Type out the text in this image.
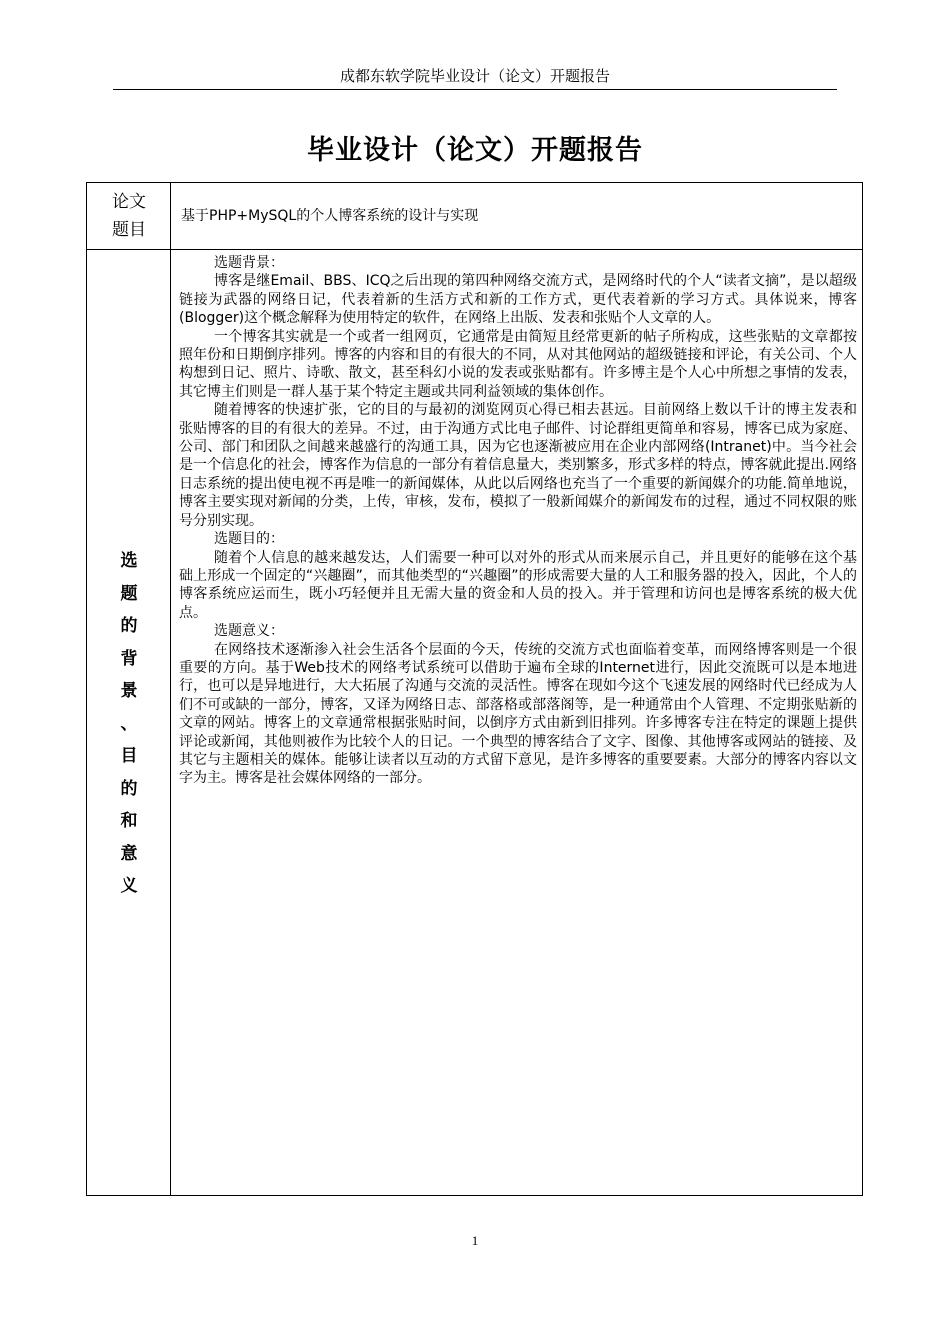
成都东软学院毕业设计（论文）开题报告
毕业设计（论文）开题报告
论文
题目
基于PHP+MySQL的个人博客系统的设计与实现
选
题
的
背
景
、
目
的
和
意
义

选题背景：

博客是继Email、BBS、ICQ之后出现的第四种网络交流方式，是网络时代的个人“读者文摘”，是以超级链接为武器的网络日记，代表着新的生活方式和新的工作方式，更代表着新的学习方式。具体说来，博客(Blogger)这个概念解释为使用特定的软件，在网络上出版、发表和张贴个人文章的人。

一个博客其实就是一个或者一组网页，它通常是由简短且经常更新的帖子所构成，这些张贴的文章都按照年份和日期倒序排列。博客的内容和目的有很大的不同，从对其他网站的超级链接和评论，有关公司、个人构想到日记、照片、诗歌、散文，甚至科幻小说的发表或张贴都有。许多博主是个人心中所想之事情的发表，其它博主们则是一群人基于某个特定主题或共同利益领域的集体创作。

随着博客的快速扩张，它的目的与最初的浏览网页心得已相去甚远。目前网络上数以千计的博主发表和张贴博客的目的有很大的差异。不过，由于沟通方式比电子邮件、讨论群组更简单和容易，博客已成为家庭、公司、部门和团队之间越来越盛行的沟通工具，因为它也逐渐被应用在企业内部网络(Intranet)中。当今社会是一个信息化的社会，博客作为信息的一部分有着信息量大，类别繁多，形式多样的特点，博客就此提出.网络日志系统的提出使电视不再是唯一的新闻媒体，从此以后网络也充当了一个重要的新闻媒介的功能.简单地说，博客主要实现对新闻的分类，上传，审核，发布，模拟了一般新闻媒介的新闻发布的过程，通过不同权限的账号分别实现。

选题目的：

随着个人信息的越来越发达，人们需要一种可以对外的形式从而来展示自己，并且更好的能够在这个基础上形成一个固定的“兴趣圈”，而其他类型的“兴趣圈”的形成需要大量的人工和服务器的投入，因此，个人的博客系统应运而生，既小巧轻便并且无需大量的资金和人员的投入。并于管理和访问也是博客系统的极大优点。

选题意义：

在网络技术逐渐渗入社会生活各个层面的今天，传统的交流方式也面临着变革，而网络博客则是一个很重要的方向。基于Web技术的网络考试系统可以借助于遍布全球的Internet进行，因此交流既可以是本地进行，也可以是异地进行，大大拓展了沟通与交流的灵活性。博客在现如今这个飞速发展的网络时代已经成为人们不可或缺的一部分，博客，又译为网络日志、部落格或部落阁等，是一种通常由个人管理、不定期张贴新的文章的网站。博客上的文章通常根据张贴时间，以倒序方式由新到旧排列。许多博客专注在特定的课题上提供评论或新闻，其他则被作为比较个人的日记。一个典型的博客结合了文字、图像、其他博客或网站的链接、及其它与主题相关的媒体。能够让读者以互动的方式留下意见，是许多博客的重要要素。大部分的博客内容以文字为主。博客是社会媒体网络的一部分。

1
